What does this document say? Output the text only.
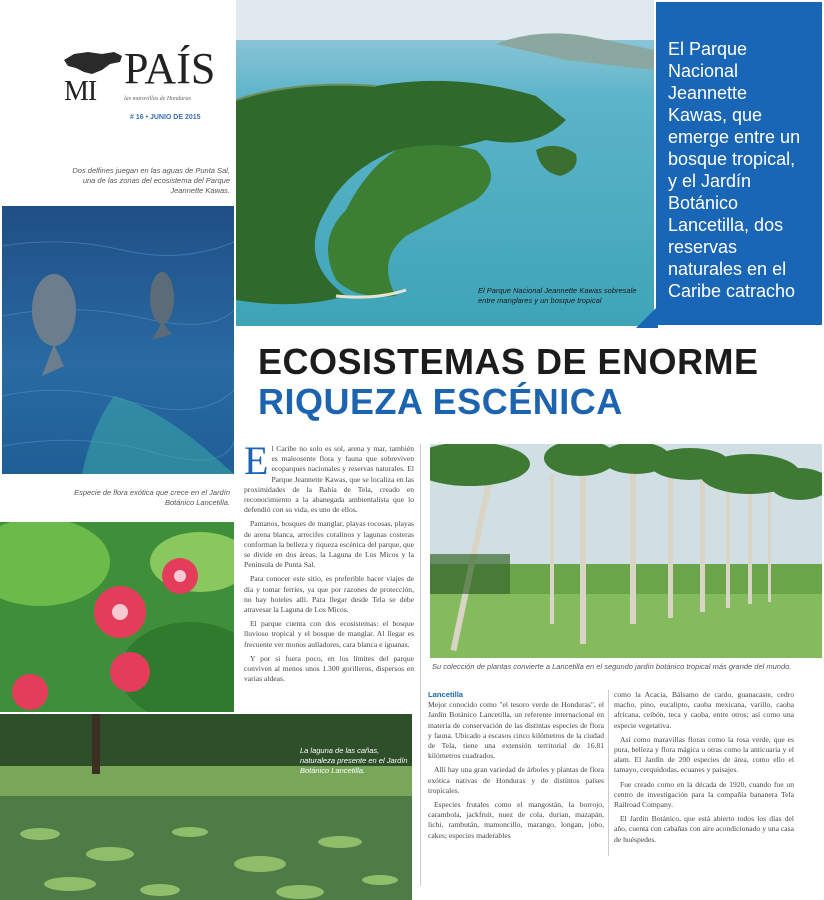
MI PAÍS
las maravillas de Honduras
# 16 • JUNIO DE 2015
Dos delfines juegan en las aguas de Punta Sal, una de las zonas del ecosistema del Parque Jeannette Kawas.
Especie de flora exótica que crece en el Jardín Botánico Lancetilla.
La laguna de las cañas, naturaleza presente en el Jardín Botánico Lancetilla.
El Parque Nacional Jeannette Kawas sobresale entre manglares y un bosque tropical

El Parque Nacional Jeannette Kawas, que emerge entre un bosque tropical, y el Jardín Botánico Lancetilla, dos reservas naturales en el Caribe catracho

ECOSISTEMAS DE ENORME
RIQUEZA ESCÉNICA
E l Caribe no solo es sol, arena y mar, también es maleosente flora y fauna que sobreviven ecoparques nacionales y reservas naturales. El Parque Jeannette Kawas, que se localiza en las proximidades de la Bahía de Tela, creado en reconocimiento a la abanegada ambientalista que lo defendió con su vida, es uno de ellos.

Pantanos, bosques de manglar, playas rocosas, playas de arena blanca, arrecifes coralinos y lagunas costeras conforman la belleza y riqueza escénica del parque, que se divide en dos áreas, la Laguna de Los Micos y la Península de Punta Sal.

Para conocer este sitio, es preferible hacer viajes de día y tomar ferries, ya que por razones de protección, no hay hoteles allí. Para llegar desde Tela se debe atravesar la Laguna de Los Micos.

El parque cuenta con dos ecosistemas: el bosque lluvioso tropical y el bosque de manglar. Al llegar es frecuente ver monos aulladores, cara blanca e iguanas.

Y por si fuera poco, en los límites del parque conviven al menos unos 1.300 gorilleros, dispersos en varias aldeas.

Su colección de plantas convierte a Lancetilla en el segundo jardín botánico tropical más grande del mundo.
Lancetilla

Mejor conocido como "el tesoro verde de Honduras", el Jardín Botánico Lancetilla, un referente internacional en materia de conservación de las distintas especies de flora y fauna. Ubicado a escasos cinco kilómetros de la ciudad de Tela, tiene una extensión territorial de 16.81 kilómetros cuadrados.

Allí hay una gran variedad de árboles y plantas de flora exótica nativas de Honduras y de distintos países tropicales.

Especies frutales como el mangostán, la borrojo, carambola, jackfruit, nuez de cola, durian, mazapán, lichi, rambután, mamoncillo, marango, longan, jobo, cakes; especies maderables

como la Acacia, Bálsamo de cardo, guanacaste, cedro macho, pino, eucalipto, caoba mexicana, varillo, caoba africana, ceibón, teca y caoba, entre otros; así como una especie vegetativa.

Así como maravillas floras como la rosa verde, que es pura, belleza y flora mágica u otras como la anticuaria y el alam. El Jardín de 200 especies de área, como ello el tamayo, cerquidodas, ecuanes y paisajes.

Fue creado como en la década de 1920, cuando fue un centro de investigación para la compañía bananera Tela Railroad Company.

El Jardín Botánico, que está abierto todos los días del año, cuenta con cabañas con aire acondicionado y una casa de huéspedes.
